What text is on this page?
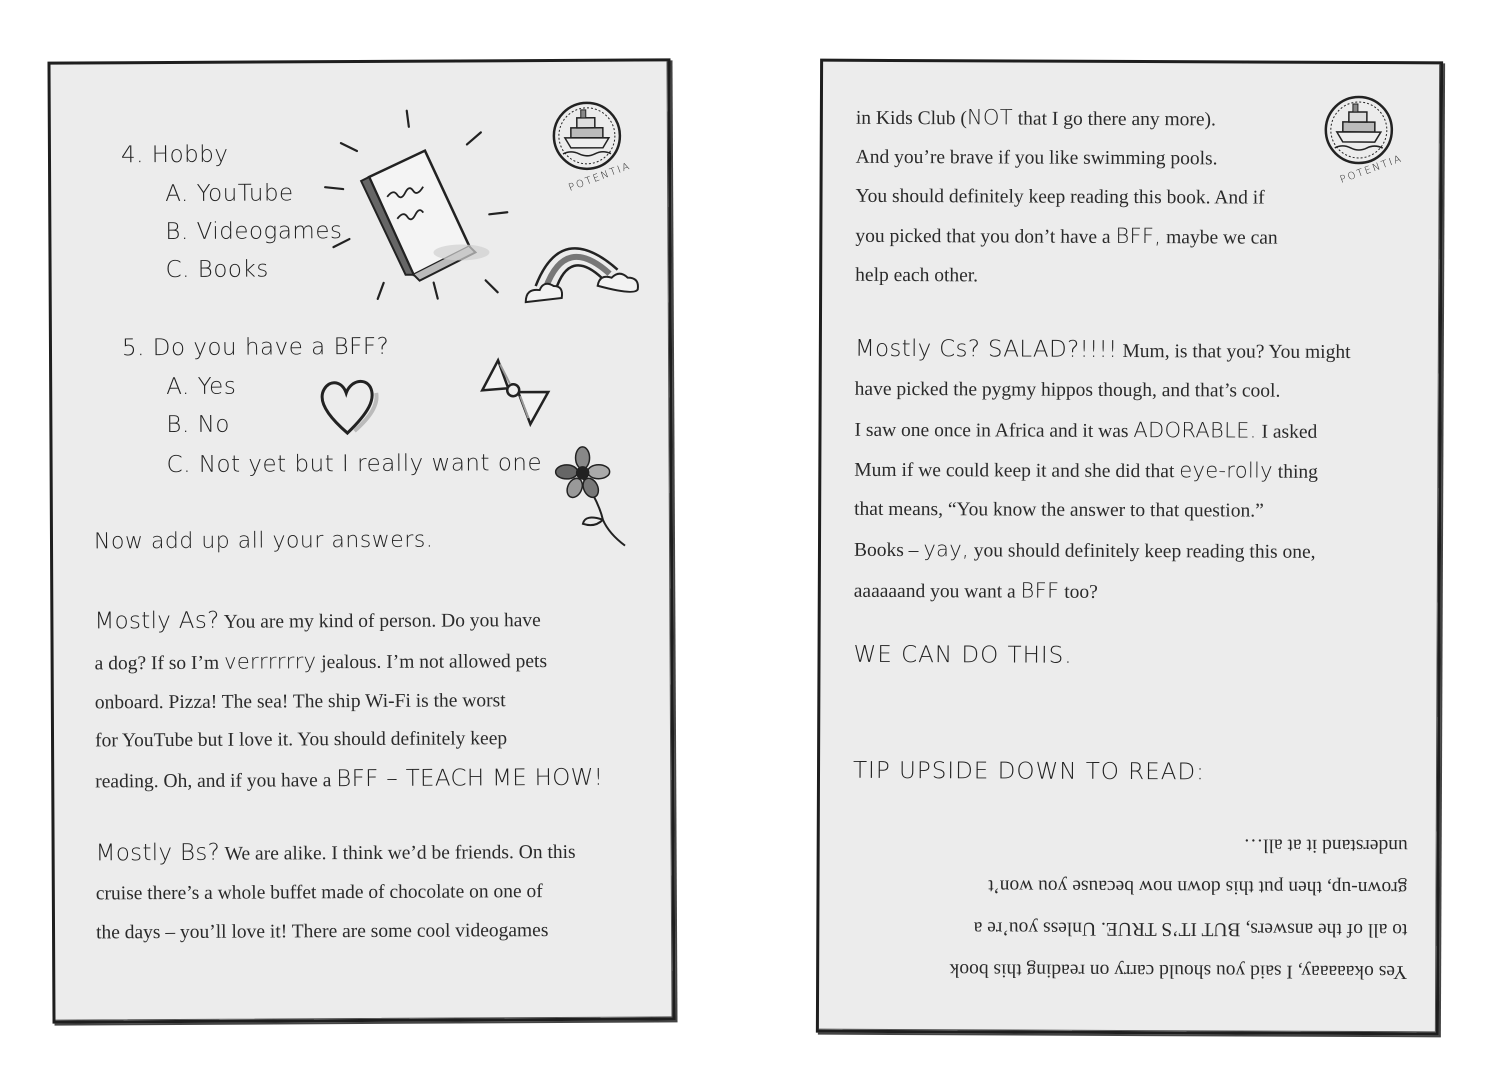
POTENTIA
4. Hobby
A. YouTube
B. Videogames
C. Books
5. Do you have a BFF?
A. Yes
B. No
C. Not yet but I really want one
Now add up all your answers.
Mostly As? You are my kind of person. Do you have
a dog? If so I’m verrrrrry jealous. I’m not allowed pets
onboard. Pizza! The sea! The ship Wi-Fi is the worst
for YouTube but I love it. You should definitely keep
reading. Oh, and if you have a BFF – TEACH ME HOW!
Mostly Bs? We are alike. I think we’d be friends. On this
cruise there’s a whole buffet made of chocolate on one of
the days – you’ll love it! There are some cool videogames
POTENTIA
in Kids Club (NOT that I go there any more).
And you’re brave if you like swimming pools.
You should definitely keep reading this book. And if
you picked that you don’t have a BFF, maybe we can
help each other.
Mostly Cs? SALAD?!!!! Mum, is that you? You might
have picked the pygmy hippos though, and that’s cool.
I saw one once in Africa and it was ADORABLE. I asked
Mum if we could keep it and she did that eye-rolly thing
that means, “You know the answer to that question.”
Books – yay, you should definitely keep reading this one,
aaaaaand you want a BFF too?
WE CAN DO THIS.
TIP UPSIDE DOWN TO READ:
Yes okaaaaay, I said you should carry on reading this book
to all of the answers, BUT IT’S TRUE. Unless you’re a
grown-up, then put this down now because you won’t
understand it at all…
